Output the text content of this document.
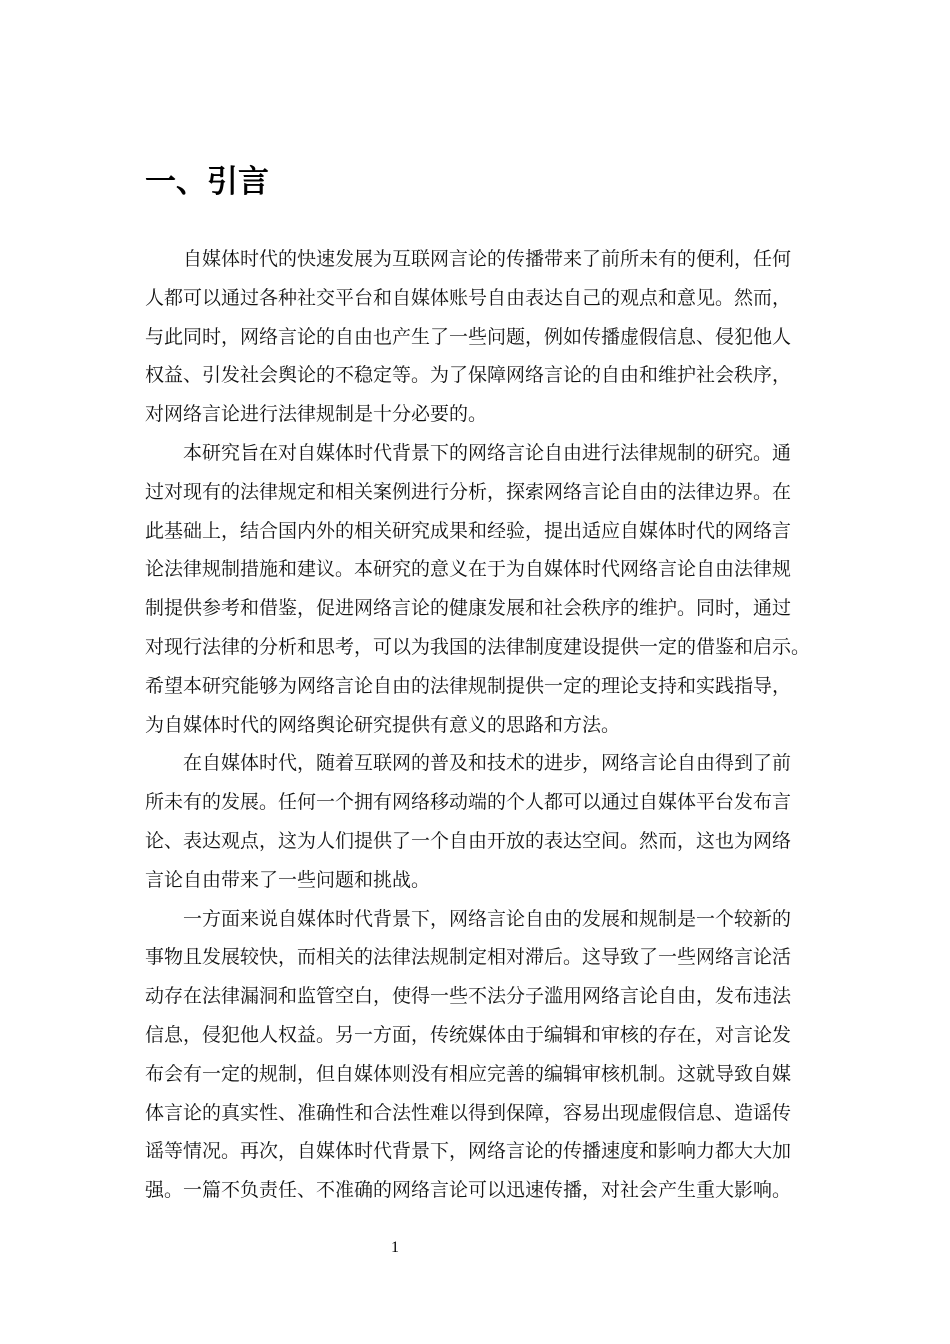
一、引言

自媒体时代的快速发展为互联网言论的传播带来了前所未有的便利，任何
人都可以通过各种社交平台和自媒体账号自由表达自己的观点和意见。然而，
与此同时，网络言论的自由也产生了一些问题，例如传播虚假信息、侵犯他人
权益、引发社会舆论的不稳定等。为了保障网络言论的自由和维护社会秩序，
对网络言论进行法律规制是十分必要的。

本研究旨在对自媒体时代背景下的网络言论自由进行法律规制的研究。通
过对现有的法律规定和相关案例进行分析，探索网络言论自由的法律边界。在
此基础上，结合国内外的相关研究成果和经验，提出适应自媒体时代的网络言
论法律规制措施和建议。本研究的意义在于为自媒体时代网络言论自由法律规
制提供参考和借鉴，促进网络言论的健康发展和社会秩序的维护。同时，通过
对现行法律的分析和思考，可以为我国的法律制度建设提供一定的借鉴和启示。
希望本研究能够为网络言论自由的法律规制提供一定的理论支持和实践指导，
为自媒体时代的网络舆论研究提供有意义的思路和方法。

在自媒体时代，随着互联网的普及和技术的进步，网络言论自由得到了前
所未有的发展。任何一个拥有网络移动端的个人都可以通过自媒体平台发布言
论、表达观点，这为人们提供了一个自由开放的表达空间。然而，这也为网络
言论自由带来了一些问题和挑战。

一方面来说自媒体时代背景下，网络言论自由的发展和规制是一个较新的
事物且发展较快，而相关的法律法规制定相对滞后。这导致了一些网络言论活
动存在法律漏洞和监管空白，使得一些不法分子滥用网络言论自由，发布违法
信息，侵犯他人权益。另一方面，传统媒体由于编辑和审核的存在，对言论发
布会有一定的规制，但自媒体则没有相应完善的编辑审核机制。这就导致自媒
体言论的真实性、准确性和合法性难以得到保障，容易出现虚假信息、造谣传
谣等情况。再次，自媒体时代背景下，网络言论的传播速度和影响力都大大加
强。一篇不负责任、不准确的网络言论可以迅速传播，对社会产生重大影响。

1
